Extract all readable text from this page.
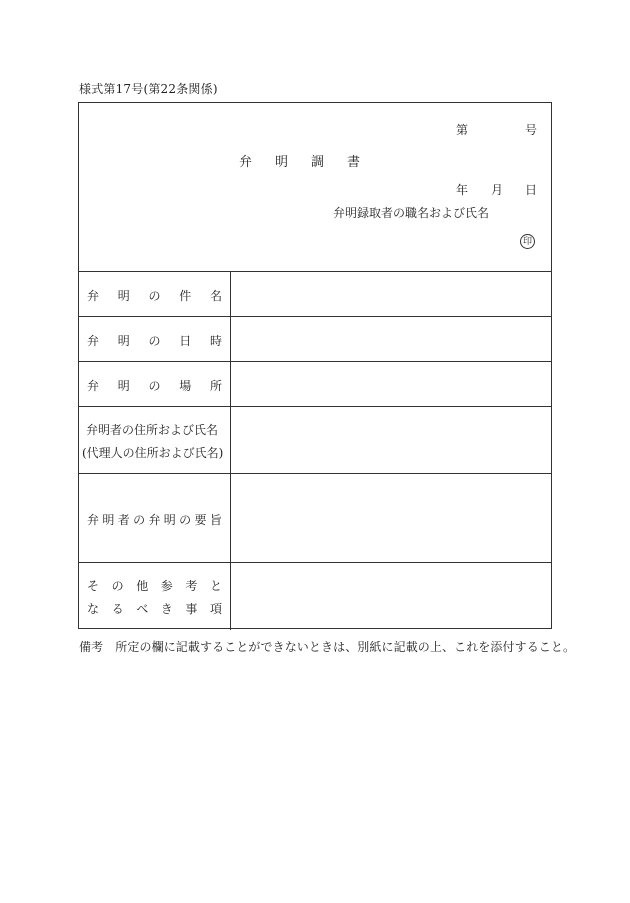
様式第17号(第22条関係)
第	号
弁 明 調 書
年 月 日
弁明録取者の職名および氏名
印
弁 明 の 件 名
弁 明 の 日 時
弁 明 の 場 所
弁明者の住所および氏名
(代理人の住所および氏名)
弁 明 者 の 弁 明 の 要 旨
そ の 他 参 考 と
な る べ き 事 項
備考　所定の欄に記載することができないときは、別紙に記載の上、これを添付すること。
